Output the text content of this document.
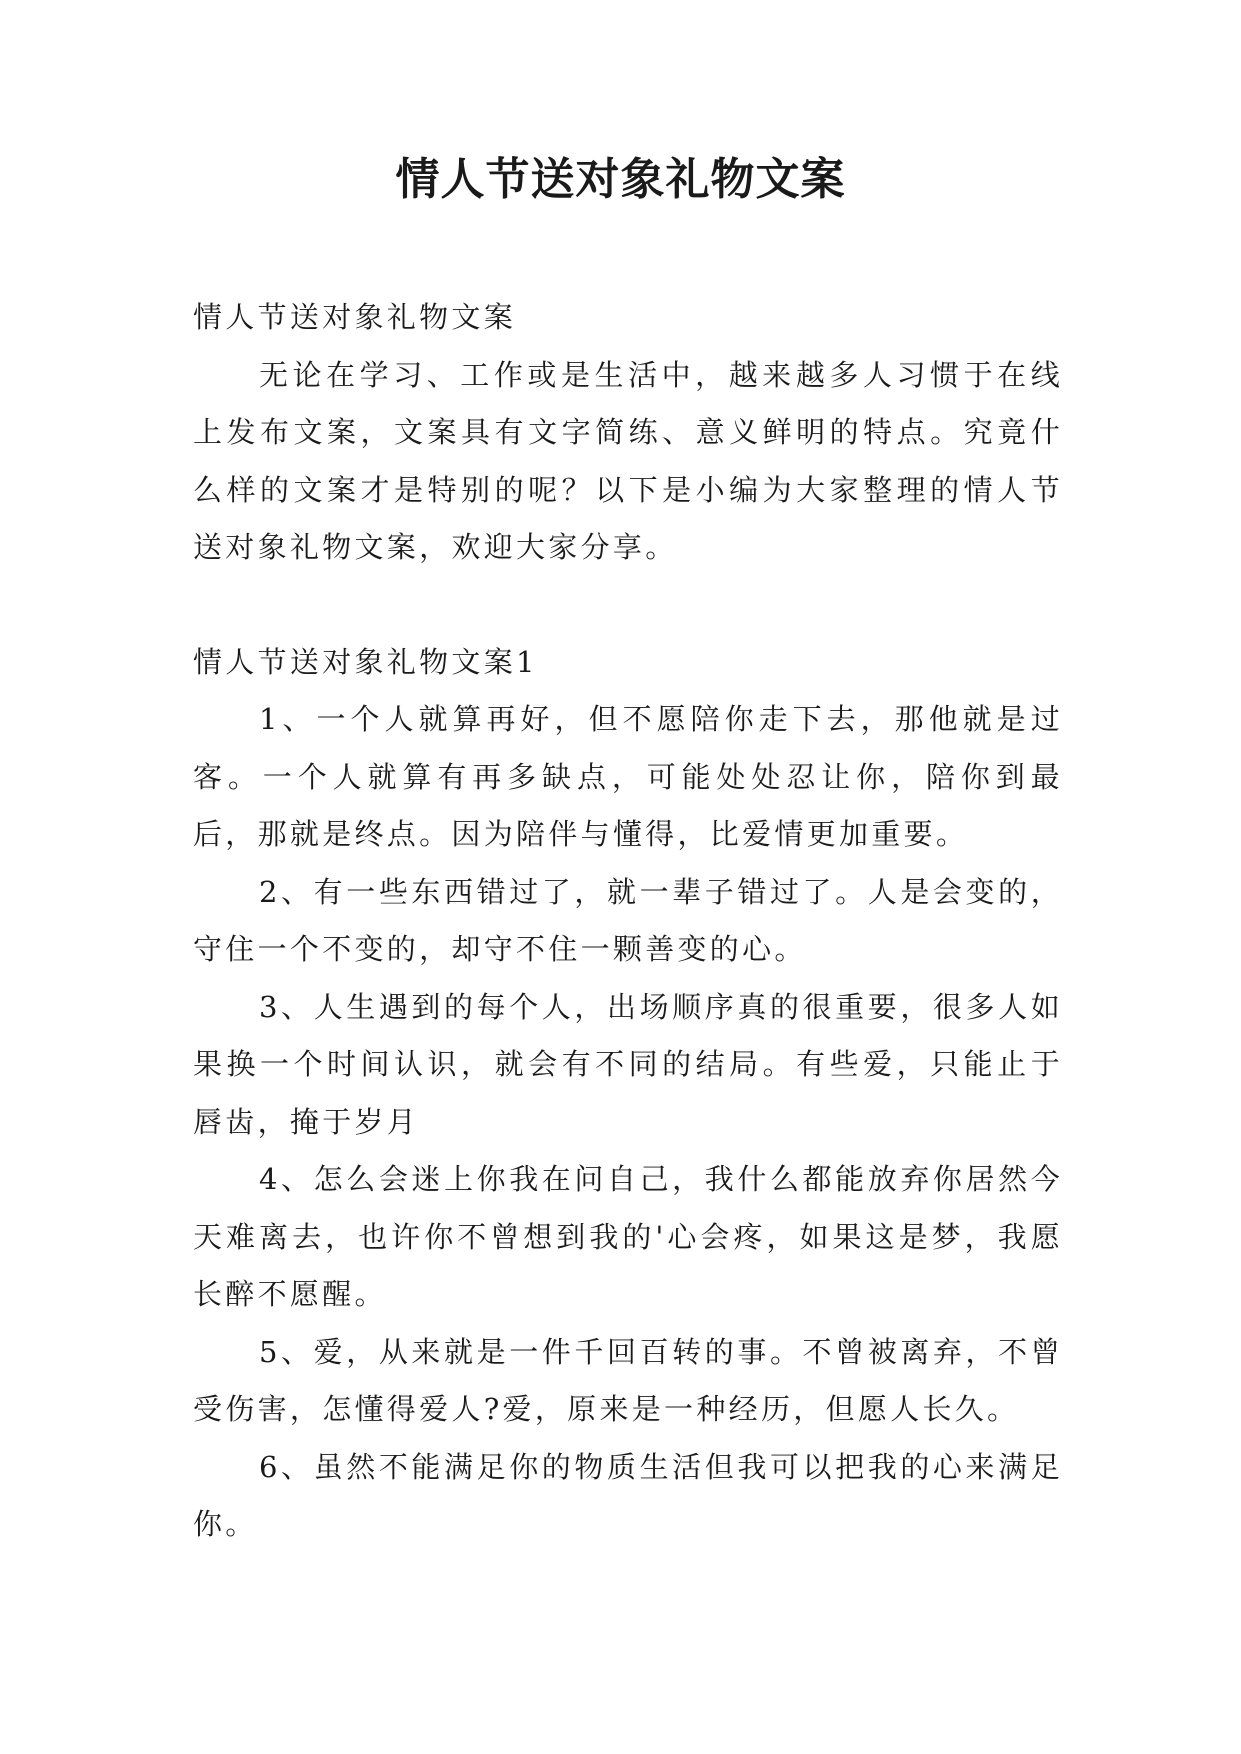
情人节送对象礼物文案

情人节送对象礼物文案

无论在学习、工作或是生活中，越来越多人习惯于在线上发布文案，文案具有文字简练、意义鲜明的特点。究竟什么样的文案才是特别的呢？以下是小编为大家整理的情人节送对象礼物文案，欢迎大家分享。

情人节送对象礼物文案1

1、一个人就算再好，但不愿陪你走下去，那他就是过客。一个人就算有再多缺点，可能处处忍让你，陪你到最后，那就是终点。因为陪伴与懂得，比爱情更加重要。

2、有一些东西错过了，就一辈子错过了。人是会变的，守住一个不变的，却守不住一颗善变的心。

3、人生遇到的每个人，出场顺序真的很重要，很多人如果换一个时间认识，就会有不同的结局。有些爱，只能止于唇齿，掩于岁月

4、怎么会迷上你我在问自己，我什么都能放弃你居然今天难离去，也许你不曾想到我的'心会疼，如果这是梦，我愿长醉不愿醒。

5、爱，从来就是一件千回百转的事。不曾被离弃，不曾受伤害，怎懂得爱人?爱，原来是一种经历，但愿人长久。

6、虽然不能满足你的物质生活但我可以把我的心来满足你。
